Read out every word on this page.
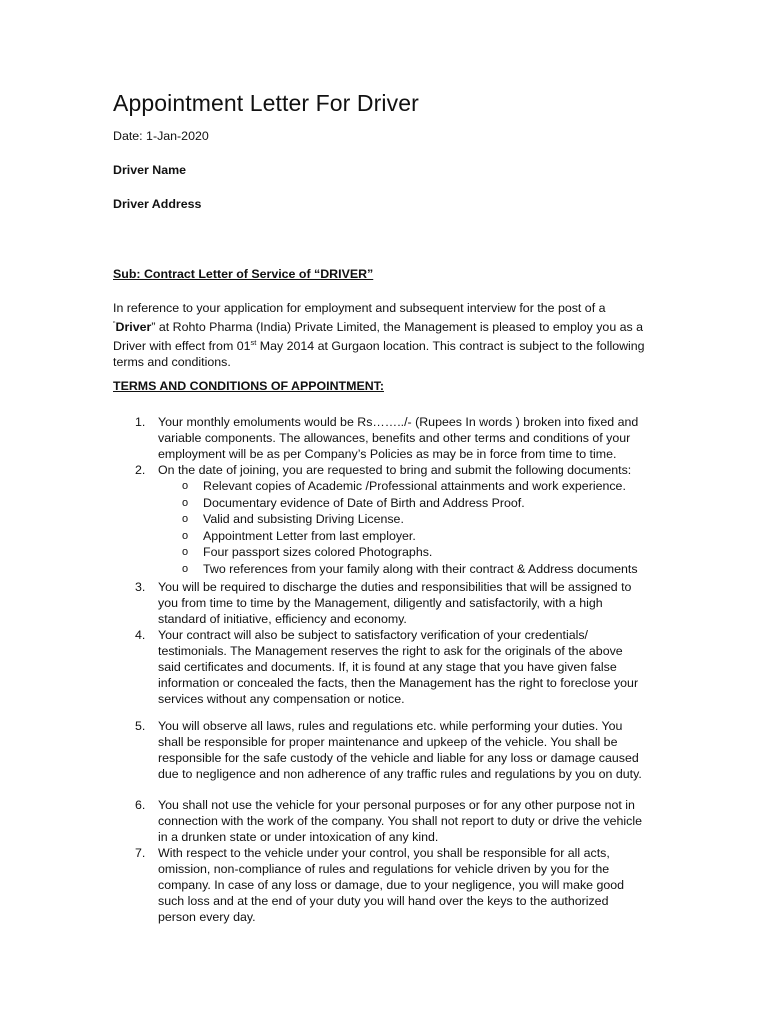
Appointment Letter For Driver
Date: 1-Jan-2020
Driver Name
Driver Address
Sub: Contract Letter of Service of “DRIVER”

In reference to your application for employment and subsequent interview for the post of a

“Driver” at Rohto Pharma (India) Private Limited, the Management is pleased to employ you as a

Driver with effect from 01st May 2014 at Gurgaon location. This contract is subject to the following

terms and conditions.

TERMS AND CONDITIONS OF APPOINTMENT:
1. Your monthly emoluments would be Rs……../- (Rupees In words ) broken into fixed and

variable components. The allowances, benefits and other terms and conditions of your

employment will be as per Company’s Policies as may be in force from time to time.

2. On the date of joining, you are requested to bring and submit the following documents:

o Relevant copies of Academic /Professional attainments and work experience.
o Documentary evidence of Date of Birth and Address Proof.
o Valid and subsisting Driving License.
o Appointment Letter from last employer.
o Four passport sizes colored Photographs.
o Two references from your family along with their contract & Address documents
3. You will be required to discharge the duties and responsibilities that will be assigned to

you from time to time by the Management, diligently and satisfactorily, with a high

standard of initiative, efficiency and economy.

4. Your contract will also be subject to satisfactory verification of your credentials/

testimonials. The Management reserves the right to ask for the originals of the above

said certificates and documents. If, it is found at any stage that you have given false

information or concealed the facts, then the Management has the right to foreclose your

services without any compensation or notice.

5. You will observe all laws, rules and regulations etc. while performing your duties. You

shall be responsible for proper maintenance and upkeep of the vehicle. You shall be

responsible for the safe custody of the vehicle and liable for any loss or damage caused

due to negligence and non adherence of any traffic rules and regulations by you on duty.

6. You shall not use the vehicle for your personal purposes or for any other purpose not in

connection with the work of the company. You shall not report to duty or drive the vehicle

in a drunken state or under intoxication of any kind.

7. With respect to the vehicle under your control, you shall be responsible for all acts,

omission, non-compliance of rules and regulations for vehicle driven by you for the

company. In case of any loss or damage, due to your negligence, you will make good

such loss and at the end of your duty you will hand over the keys to the authorized

person every day.
